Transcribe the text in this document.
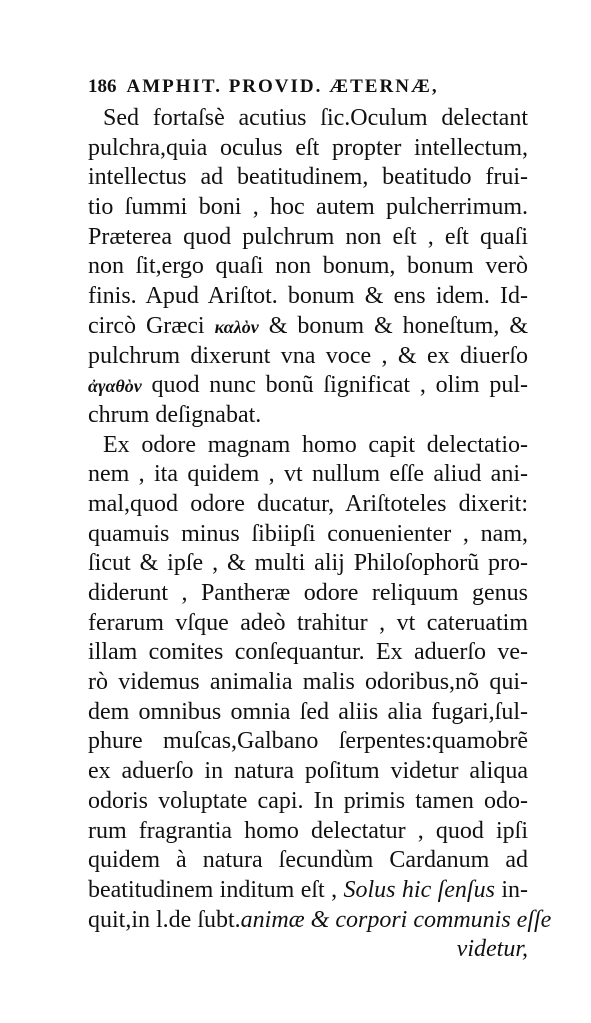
186 AMPHIT. PROVID. ÆTERNÆ,
Sed fortaſsè acutius ſic.Oculum delectant
pulchra,quia oculus eſt propter intellectum,
intellectus ad beatitudinem, beatitudo frui-
tio ſummi boni , hoc autem pulcherrimum.
Præterea quod pulchrum non eſt , eſt quaſi
non ſit,ergo quaſi non bonum, bonum verò
finis. Apud Ariſtot. bonum & ens idem. Id-
circò Græci καλὸν & bonum & honeſtum, &
pulchrum dixerunt vna voce , & ex diuerſo
ἀγαθὸν quod nunc bonũ ſignificat , olim pul-
chrum deſignabat.
Ex odore magnam homo capit delectatio-
nem , ita quidem , vt nullum eſſe aliud ani-
mal,quod odore ducatur, Ariſtoteles dixerit:
quamuis minus ſibiipſi conuenienter , nam,
ſicut & ipſe , & multi alij Philoſophorũ pro-
diderunt , Pantheræ odore reliquum genus
ferarum vſque adeò trahitur , vt cateruatim
illam comites conſequantur. Ex aduerſo ve-
rò videmus animalia malis odoribus,nõ qui-
dem omnibus omnia ſed aliis alia fugari,ſul-
phure muſcas,Galbano ſerpentes:quamobrẽ
ex aduerſo in natura poſitum videtur aliqua
odoris voluptate capi. In primis tamen odo-
rum fragrantia homo delectatur , quod ipſi
quidem à natura ſecundùm Cardanum ad
beatitudinem inditum eſt , Solus hic ſenſus in-
quit,in l.de ſubt.animæ & corpori communis eſſe
videtur,
